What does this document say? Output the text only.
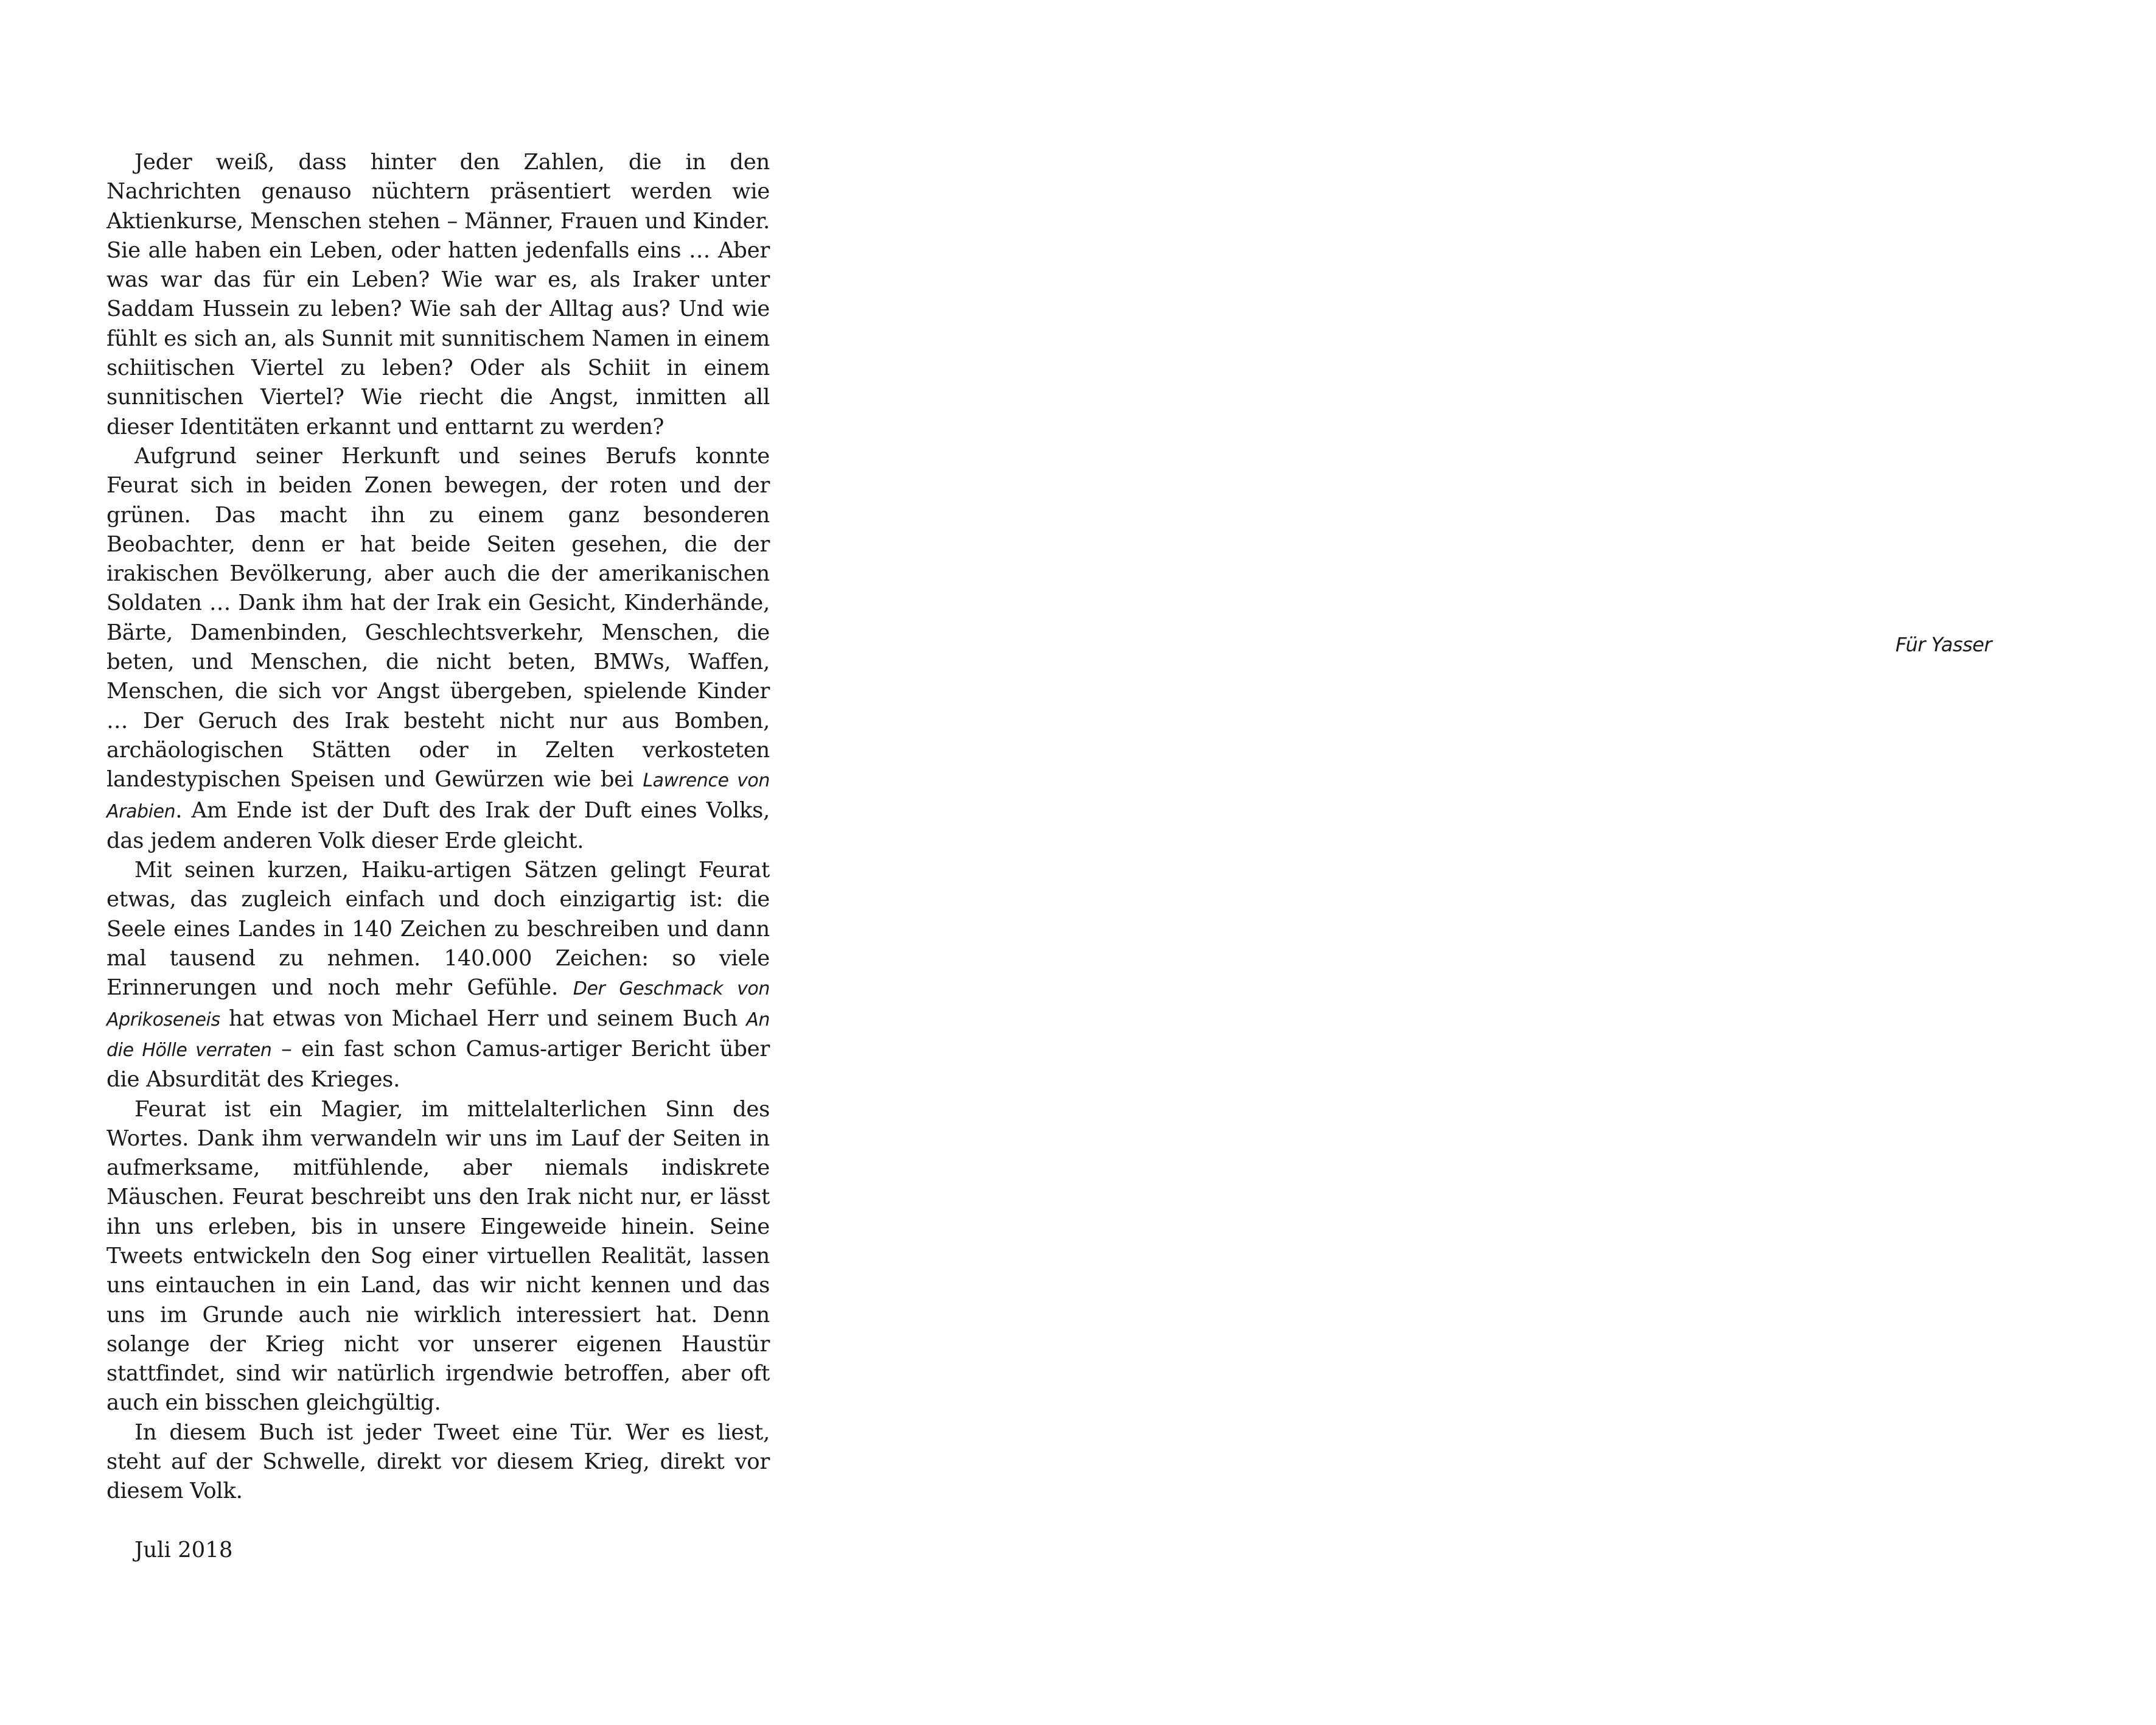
Jeder weiß, dass hinter den Zahlen, die in den Nachrichten genauso nüchtern präsentiert werden wie Aktienkurse, Menschen stehen – Männer, Frauen und Kinder. Sie alle haben ein Leben, oder hatten jedenfalls eins … Aber was war das für ein Leben? Wie war es, als Iraker unter Saddam Hussein zu leben? Wie sah der Alltag aus? Und wie fühlt es sich an, als Sunnit mit sunnitischem Namen in einem schiitischen Viertel zu leben? Oder als Schiit in einem sunnitischen Viertel? Wie riecht die Angst, inmitten all dieser Identitäten erkannt und enttarnt zu werden?

Aufgrund seiner Herkunft und seines Berufs konnte Feurat sich in beiden Zonen bewegen, der roten und der grünen. Das macht ihn zu einem ganz besonderen Beobachter, denn er hat beide Seiten gesehen, die der irakischen Bevölkerung, aber auch die der amerikanischen Soldaten … Dank ihm hat der Irak ein Gesicht, Kinderhände, Bärte, Damenbinden, Geschlechtsverkehr, Menschen, die beten, und Menschen, die nicht beten, BMWs, Waffen, Menschen, die sich vor Angst übergeben, spielende Kinder … Der Geruch des Irak besteht nicht nur aus Bomben, archäologischen Stätten oder in Zelten verkosteten landestypischen Speisen und Gewürzen wie bei Lawrence von Arabien. Am Ende ist der Duft des Irak der Duft eines Volks, das jedem anderen Volk dieser Erde gleicht.

Mit seinen kurzen, Haiku-artigen Sätzen gelingt Feurat etwas, das zugleich einfach und doch einzigartig ist: die Seele eines Landes in 140 Zeichen zu beschreiben und dann mal tausend zu nehmen. 140.000 Zeichen: so viele Erinnerungen und noch mehr Gefühle. Der Geschmack von Aprikoseneis hat etwas von Michael Herr und seinem Buch An die Hölle verraten – ein fast schon Camus-artiger Bericht über die Absurdität des Krieges.

Feurat ist ein Magier, im mittelalterlichen Sinn des Wortes. Dank ihm verwandeln wir uns im Lauf der Seiten in aufmerksame, mitfühlende, aber niemals indiskrete Mäuschen. Feurat beschreibt uns den Irak nicht nur, er lässt ihn uns erleben, bis in unsere Eingeweide hinein. Seine Tweets entwickeln den Sog einer virtuellen Realität, lassen uns eintauchen in ein Land, das wir nicht kennen und das uns im Grunde auch nie wirklich interessiert hat. Denn solange der Krieg nicht vor unserer eigenen Haustür stattfindet, sind wir natürlich irgendwie betroffen, aber oft auch ein bisschen gleichgültig.

In diesem Buch ist jeder Tweet eine Tür. Wer es liest, steht auf der Schwelle, direkt vor diesem Krieg, direkt vor diesem Volk.

Juli 2018

Für Yasser
